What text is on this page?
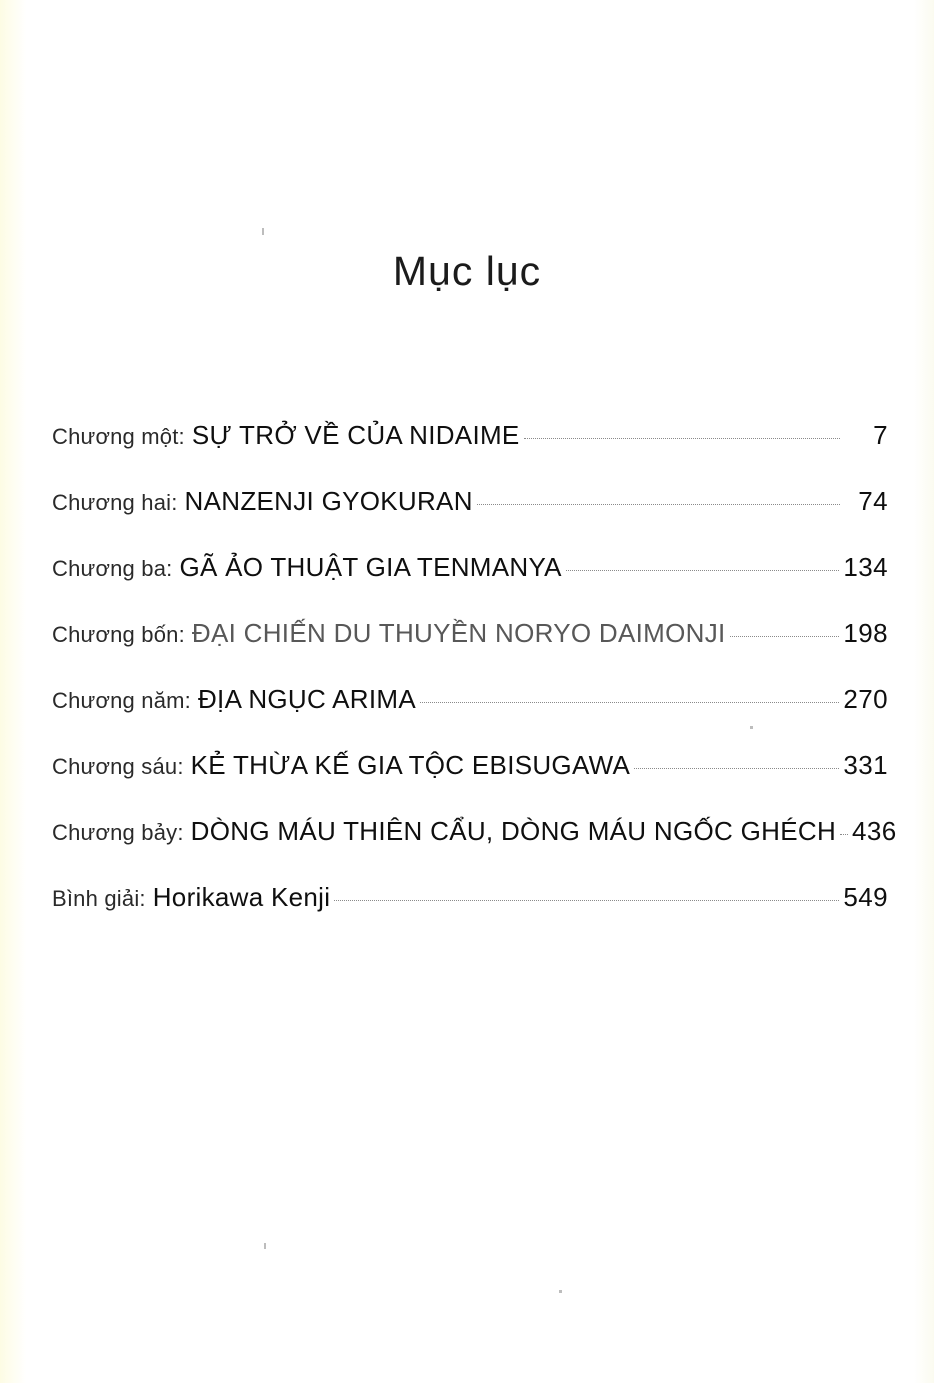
Mục lục
Chương một: SỰ TRỞ VỀ CỦA NIDAIME	7
Chương hai: NANZENJI GYOKURAN	74
Chương ba: GÃ ẢO THUẬT GIA TENMANYA	134
Chương bốn: ĐẠI CHIẾN DU THUYỀN NORYO DAIMONJI	198
Chương năm: ĐỊA NGỤC ARIMA	270
Chương sáu: KẺ THỪA KẾ GIA TỘC EBISUGAWA	331
Chương bảy: DÒNG MÁU THIÊN CẨU, DÒNG MÁU NGỐC GHÉCH 436
Bình giải: Horikawa Kenji	549
